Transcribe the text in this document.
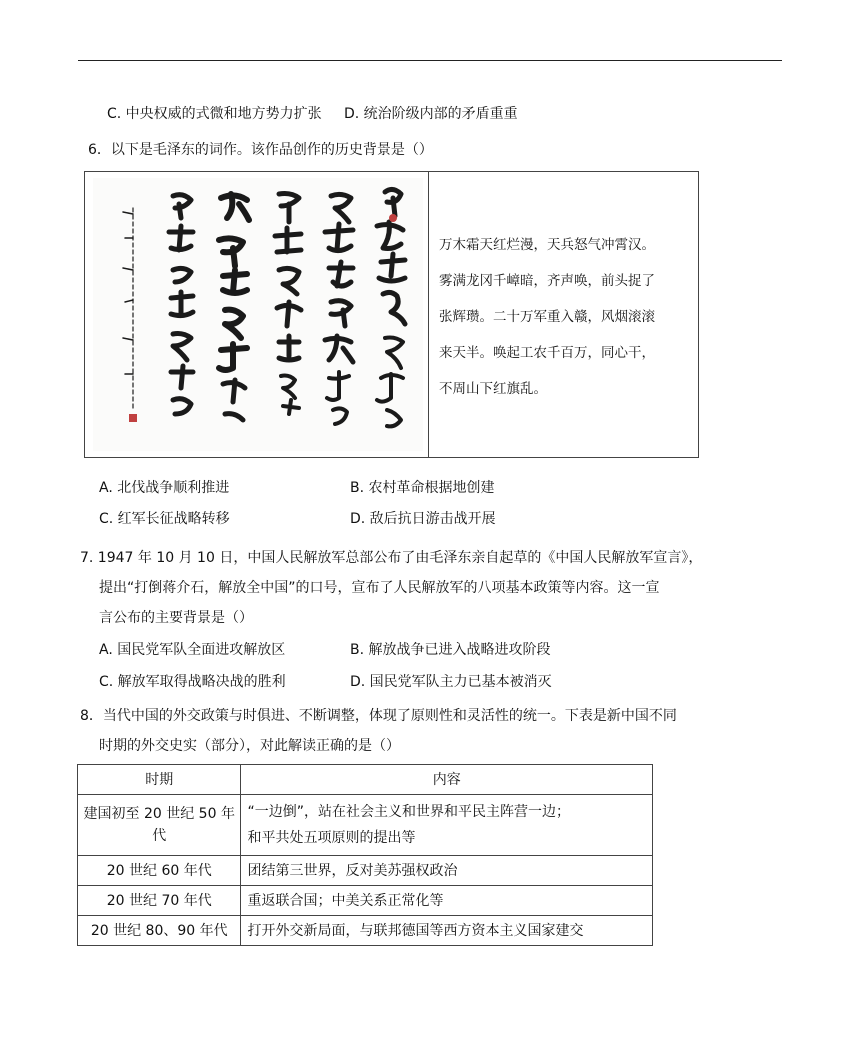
C. 中央权威的式微和地方势力扩张 D. 统治阶级内部的矛盾重重
6．以下是毛泽东的词作。该作品创作的历史背景是（）
万木霜天红烂漫，天兵怒气冲霄汉。
雾满龙冈千嶂暗，齐声唤，前头捉了
张辉瓒。二十万军重入赣，风烟滚滚
来天半。唤起工农千百万，同心干，
不周山下红旗乱。
A. 北伐战争顺利推进	B. 农村革命根据地创建
C. 红军长征战略转移	D. 敌后抗日游击战开展
7. 1947 年 10 月 10 日，中国人民解放军总部公布了由毛泽东亲自起草的《中国人民解放军宣言》，
提出“打倒蒋介石，解放全中国”的口号，宣布了人民解放军的八项基本政策等内容。这一宣
言公布的主要背景是（）
A. 国民党军队全面进攻解放区	B. 解放战争已进入战略进攻阶段
C. 解放军取得战略决战的胜利	D. 国民党军队主力已基本被消灭
8．当代中国的外交政策与时俱进、不断调整，体现了原则性和灵活性的统一。下表是新中国不同
时期的外交史实（部分），对此解读正确的是（）
时期	内容
建国初至 20 世纪 50 年代	“一边倒”，站在社会主义和世界和平民主阵营一边；
和平共处五项原则的提出等

20 世纪 60 年代	团结第三世界，反对美苏强权政治
20 世纪 70 年代	重返联合国；中美关系正常化等
20 世纪 80、90 年代	打开外交新局面，与联邦德国等西方资本主义国家建交
